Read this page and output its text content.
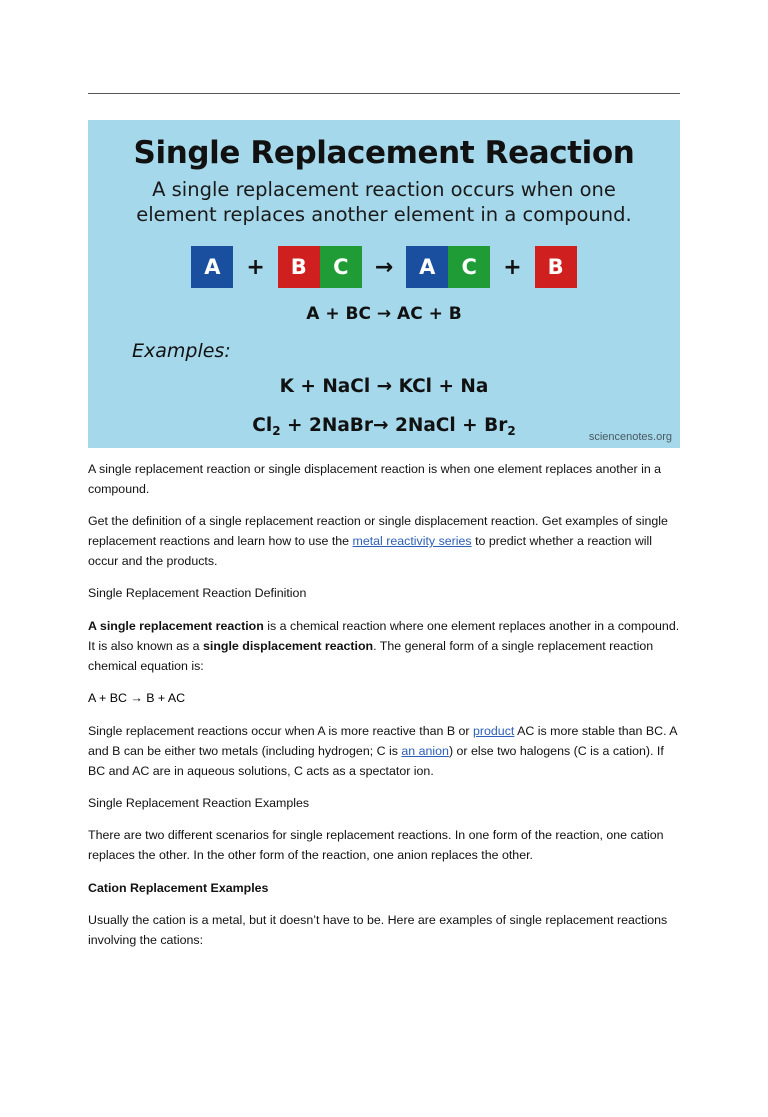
Single Replacement Reaction
A single replacement reaction occurs when one element replaces another element in a compound.
A	+	B	C	→	A	C	+	B
A + BC → AC + B
Examples:
K + NaCl → KCl + Na
$Cl_2$ + 2NaBr→ 2NaCl + $Br_2$	sciencenotes.org

A single replacement reaction or single displacement reaction is when one element replaces another in a compound.

Get the definition of a single replacement reaction or single displacement reaction. Get examples of single replacement reactions and learn how to use the metal reactivity series to predict whether a reaction will occur and the products.

Single Replacement Reaction Definition

A single replacement reaction is a chemical reaction where one element replaces another in a compound. It is also known as a single displacement reaction. The general form of a single replacement reaction chemical equation is:

A + BC → B + AC

Single replacement reactions occur when A is more reactive than B or product AC is more stable than BC. A and B can be either two metals (including hydrogen; C is an anion) or else two halogens (C is a cation). If BC and AC are in aqueous solutions, C acts as a spectator ion.

Single Replacement Reaction Examples

There are two different scenarios for single replacement reactions. In one form of the reaction, one cation replaces the other. In the other form of the reaction, one anion replaces the other.

Cation Replacement Examples

Usually the cation is a metal, but it doesn’t have to be. Here are examples of single replacement reactions involving the cations:
